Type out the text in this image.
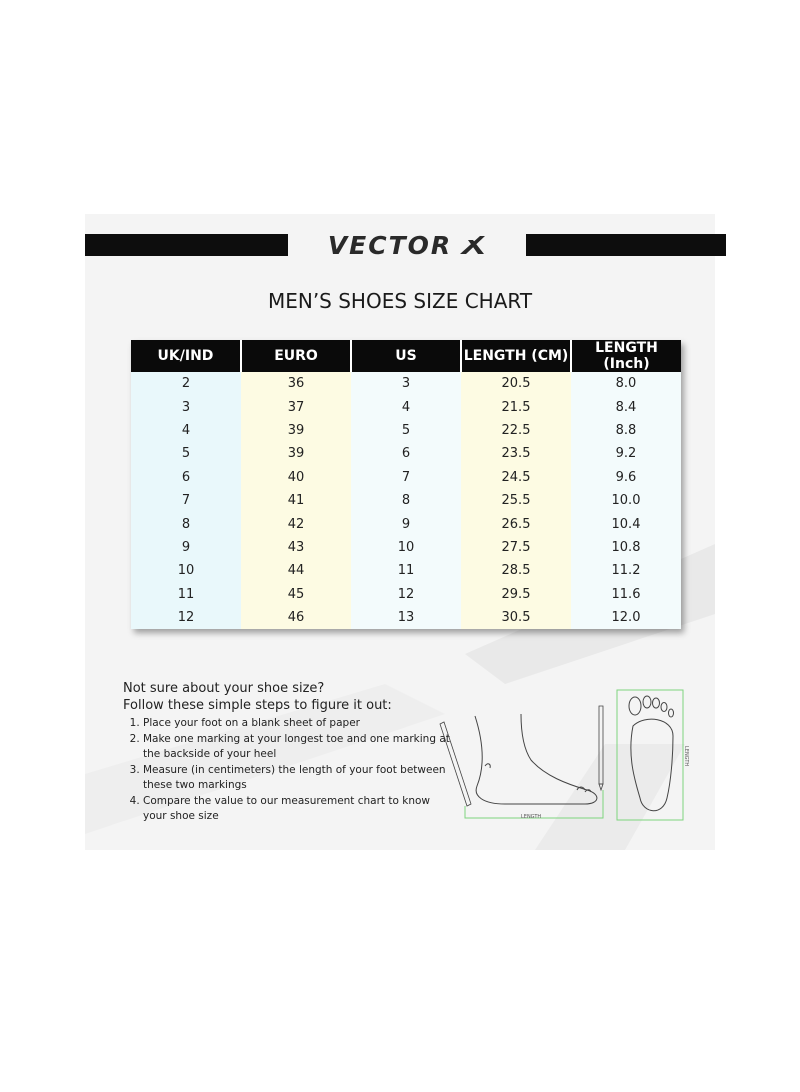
VECTOR
MEN’S SHOES SIZE CHART
UK/IND	EURO	US	LENGTH (CM)	LENGTH (Inch)
2	36	3	20.5	8.0
3	37	4	21.5	8.4
4	39	5	22.5	8.8
5	39	6	23.5	9.2
6	40	7	24.5	9.6
7	41	8	25.5	10.0
8	42	9	26.5	10.4
9	43	10	27.5	10.8
10	44	11	28.5	11.2
11	45	12	29.5	11.6
12	46	13	30.5	12.0
Not sure about your shoe size?
Follow these simple steps to figure it out:
1. Place your foot on a blank sheet of paper
2. Make one marking at your longest toe and one marking at the backside of your heel
3. Measure (in centimeters) the length of your foot between these two markings
4. Compare the value to our measurement chart to know your shoe size	LENGTH
LENGTH
